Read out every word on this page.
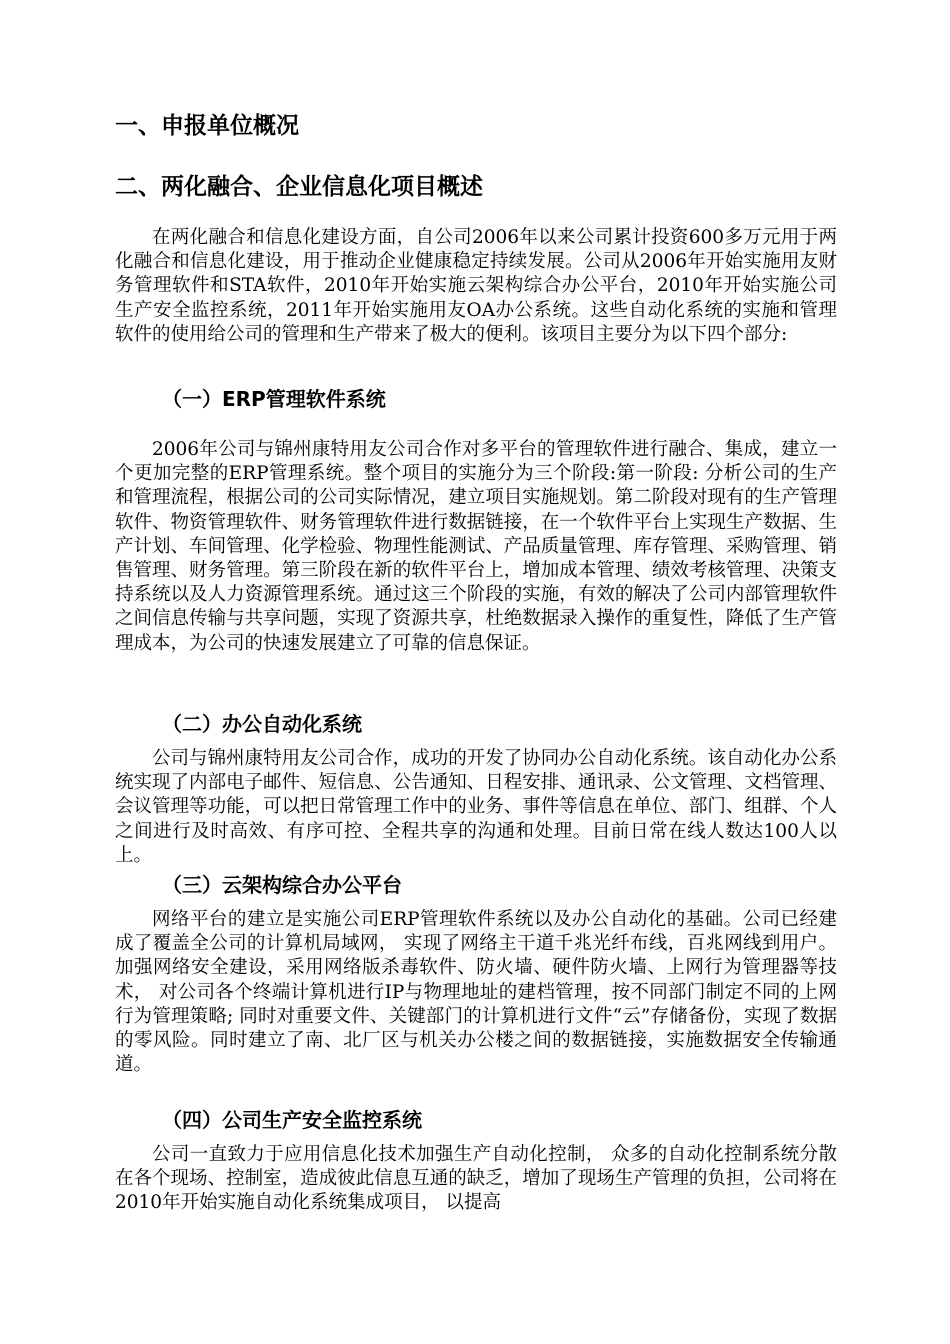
一、申报单位概况
二、两化融合、企业信息化项目概述

在两化融合和信息化建设方面，自公司2006年以来公司累计投资600多万元用于两化融合和信息化建设，用于推动企业健康稳定持续发展。公司从2006年开始实施用友财务管理软件和STA软件，2010年开始实施云架构综合办公平台，2010年开始实施公司生产安全监控系统，2011年开始实施用友OA办公系统。这些自动化系统的实施和管理软件的使用给公司的管理和生产带来了极大的便利。该项目主要分为以下四个部分:

（一）ERP管理软件系统

2006年公司与锦州康特用友公司合作对多平台的管理软件进行融合、集成，建立一个更加完整的ERP管理系统。整个项目的实施分为三个阶段:第一阶段: 分析公司的生产和管理流程，根据公司的公司实际情况，建立项目实施规划。第二阶段对现有的生产管理软件、物资管理软件、财务管理软件进行数据链接，在一个软件平台上实现生产数据、生产计划、车间管理、化学检验、物理性能测试、产品质量管理、库存管理、采购管理、销售管理、财务管理。第三阶段在新的软件平台上，增加成本管理、绩效考核管理、决策支持系统以及人力资源管理系统。通过这三个阶段的实施，有效的解决了公司内部管理软件之间信息传输与共享问题，实现了资源共享，杜绝数据录入操作的重复性，降低了生产管理成本，为公司的快速发展建立了可靠的信息保证。

（二）办公自动化系统

公司与锦州康特用友公司合作，成功的开发了协同办公自动化系统。该自动化办公系统实现了内部电子邮件、短信息、公告通知、日程安排、通讯录、公文管理、文档管理、会议管理等功能，可以把日常管理工作中的业务、事件等信息在单位、部门、组群、个人之间进行及时高效、有序可控、全程共享的沟通和处理。目前日常在线人数达100人以上。

（三）云架构综合办公平台

网络平台的建立是实施公司ERP管理软件系统以及办公自动化的基础。公司已经建成了覆盖全公司的计算机局域网， 实现了网络主干道千兆光纤布线，百兆网线到用户。加强网络安全建设，采用网络版杀毒软件、防火墙、硬件防火墙、上网行为管理器等技术， 对公司各个终端计算机进行IP与物理地址的建档管理，按不同部门制定不同的上网行为管理策略; 同时对重要文件、关键部门的计算机进行文件“云”存储备份，实现了数据的零风险。同时建立了南、北厂区与机关办公楼之间的数据链接，实施数据安全传输通道。

（四）公司生产安全监控系统

公司一直致力于应用信息化技术加强生产自动化控制， 众多的自动化控制系统分散在各个现场、控制室，造成彼此信息互通的缺乏，增加了现场生产管理的负担，公司将在2010年开始实施自动化系统集成项目， 以提高
